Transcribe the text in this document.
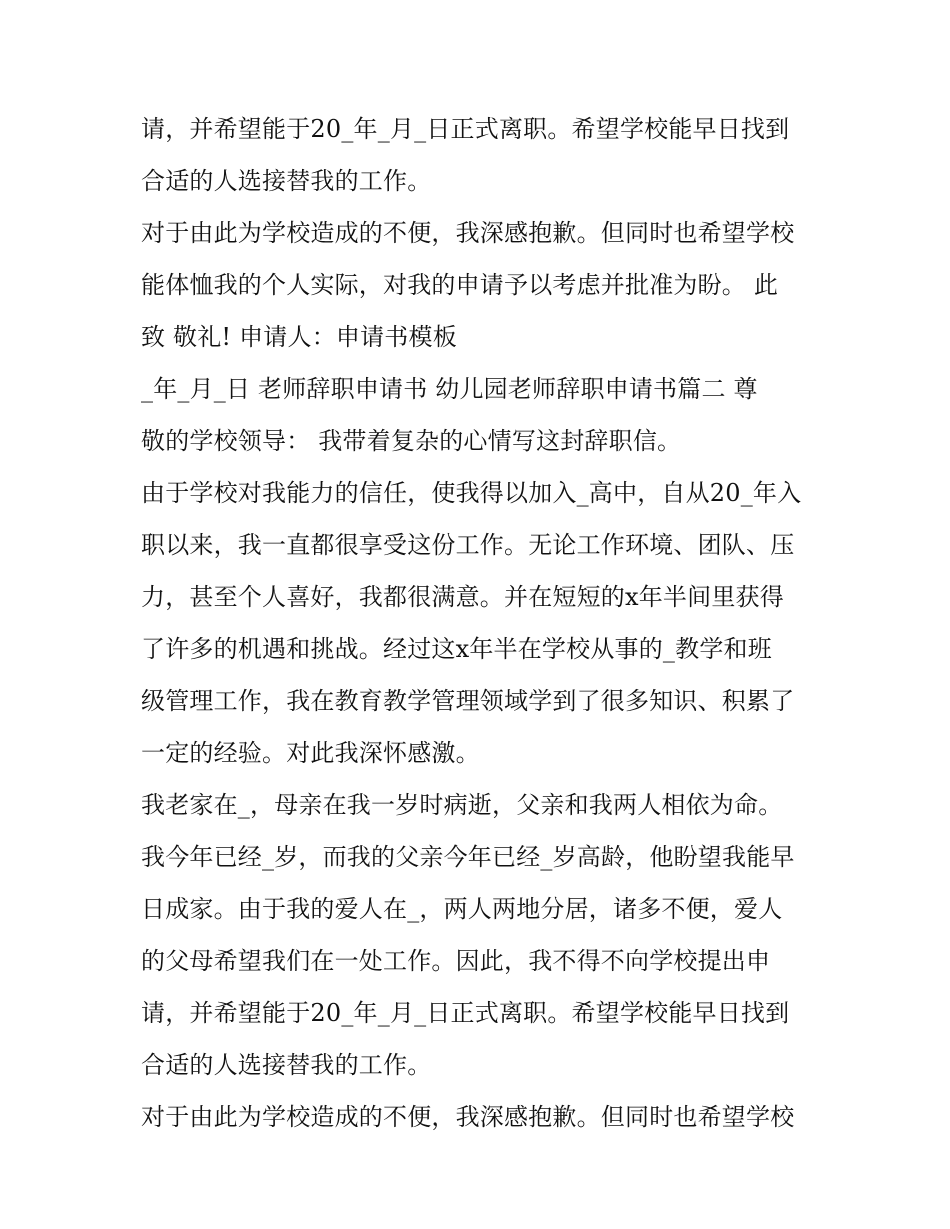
请，并希望能于20_年_月_日正式离职。希望学校能早日找到
合适的人选接替我的工作。
对于由此为学校造成的不便，我深感抱歉。但同时也希望学校
能体恤我的个人实际，对我的申请予以考虑并批准为盼。 此
致 敬礼! 申请人：申请书模板
_年_月_日 老师辞职申请书 幼儿园老师辞职申请书篇二 尊
敬的学校领导： 我带着复杂的心情写这封辞职信。
由于学校对我能力的信任，使我得以加入_高中，自从20_年入
职以来，我一直都很享受这份工作。无论工作环境、团队、压
力，甚至个人喜好，我都很满意。并在短短的x年半间里获得
了许多的机遇和挑战。经过这x年半在学校从事的_教学和班
级管理工作，我在教育教学管理领域学到了很多知识、积累了
一定的经验。对此我深怀感激。
我老家在_，母亲在我一岁时病逝，父亲和我两人相依为命。
我今年已经_岁，而我的父亲今年已经_岁高龄，他盼望我能早
日成家。由于我的爱人在_，两人两地分居，诸多不便，爱人
的父母希望我们在一处工作。因此，我不得不向学校提出申
请，并希望能于20_年_月_日正式离职。希望学校能早日找到
合适的人选接替我的工作。
对于由此为学校造成的不便，我深感抱歉。但同时也希望学校
